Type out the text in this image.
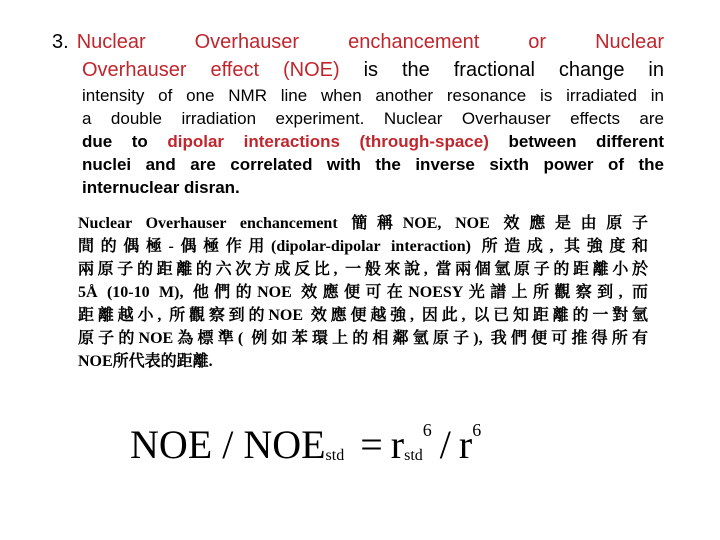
3. Nuclear Overhauser enchancement or Nuclear

Overhauser effect (NOE) is the fractional change in

intensity of one NMR line when another resonance is irradiated in

a double irradiation experiment. Nuclear Overhauser effects are

due to dipolar interactions (through-space) between different

nuclei and are correlated with the inverse sixth power of the

internuclear disran.

Nuclear Overhauser enchancement 簡稱NOE, NOE 效應是由原子

間的偶極-偶極作用(dipolar-dipolar interaction) 所造成, 其強度和

兩原子的距離的六次方成反比, 一般來說, 當兩個氫原子的距離小於

5Å (10-10 M), 他們的NOE 效應便可在NOESY光譜上所觀察到, 而

距離越小, 所觀察到的NOE 效應便越強, 因此, 以已知距離的一對氫

原子的NOE為標準( 例如苯環上的相鄰氫原子), 我們便可推得所有

NOE所代表的距離.

NOE / NOEstd = rstd$^6$ / $r^6$
